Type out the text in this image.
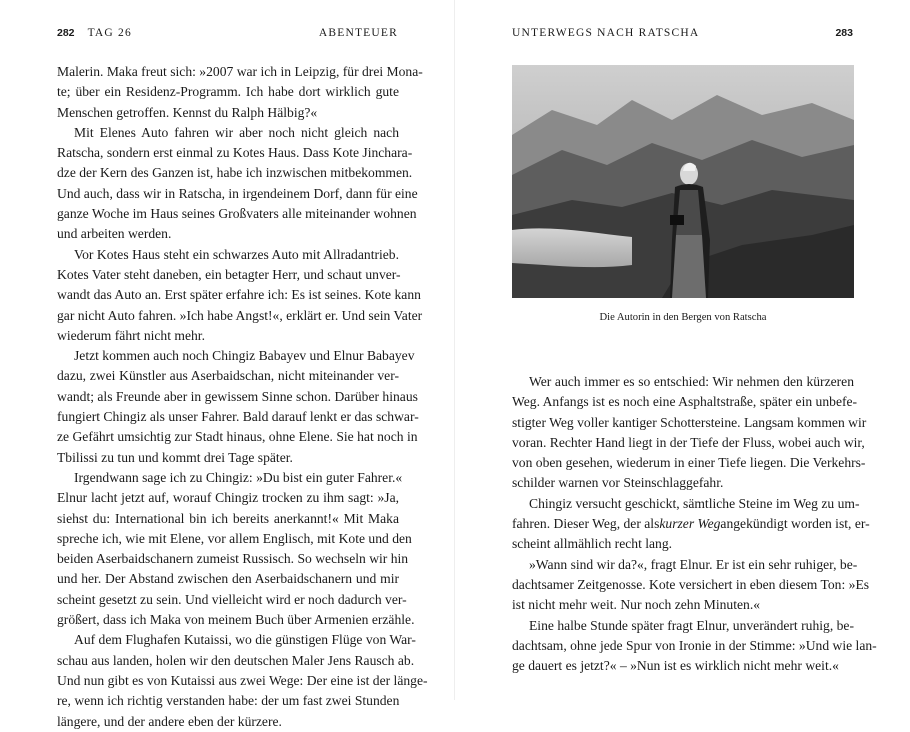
282 TAG 26	ABENTEUER
Malerin. Maka freut sich: »2007 war ich in Leipzig, für drei Mona-
te; über ein Residenz-Programm. Ich habe dort wirklich gute
Menschen getroffen. Kennst du Ralph Hälbig?«
Mit Elenes Auto fahren wir aber noch nicht gleich nach
Ratscha, sondern erst einmal zu Kotes Haus. Dass Kote Jinchara-
dze der Kern des Ganzen ist, habe ich inzwischen mitbekommen.
Und auch, dass wir in Ratscha, in irgendeinem Dorf, dann für eine
ganze Woche im Haus seines Großvaters alle miteinander wohnen
und arbeiten werden.
Vor Kotes Haus steht ein schwarzes Auto mit Allradantrieb.
Kotes Vater steht daneben, ein betagter Herr, und schaut unver-
wandt das Auto an. Erst später erfahre ich: Es ist seines. Kote kann
gar nicht Auto fahren. »Ich habe Angst!«, erklärt er. Und sein Vater
wiederum fährt nicht mehr.
Jetzt kommen auch noch Chingiz Babayev und Elnur Babayev
dazu, zwei Künstler aus Aserbaidschan, nicht miteinander ver-
wandt; als Freunde aber in gewissem Sinne schon. Darüber hinaus
fungiert Chingiz als unser Fahrer. Bald darauf lenkt er das schwar-
ze Gefährt umsichtig zur Stadt hinaus, ohne Elene. Sie hat noch in
Tbilissi zu tun und kommt drei Tage später.
Irgendwann sage ich zu Chingiz: »Du bist ein guter Fahrer.«
Elnur lacht jetzt auf, worauf Chingiz trocken zu ihm sagt: »Ja,
siehst du: International bin ich bereits anerkannt!« Mit Maka
spreche ich, wie mit Elene, vor allem Englisch, mit Kote und den
beiden Aserbaidschanern zumeist Russisch. So wechseln wir hin
und her. Der Abstand zwischen den Aserbaidschanern und mir
scheint gesetzt zu sein. Und vielleicht wird er noch dadurch ver-
größert, dass ich Maka von meinem Buch über Armenien erzähle.
Auf dem Flughafen Kutaissi, wo die günstigen Flüge von War-
schau aus landen, holen wir den deutschen Maler Jens Rausch ab.
Und nun gibt es von Kutaissi aus zwei Wege: Der eine ist der länge-
re, wenn ich richtig verstanden habe: der um fast zwei Stunden
längere, und der andere eben der kürzere.
UNTERWEGS NACH RATSCHA	283
Die Autorin in den Bergen von Ratscha
Wer auch immer es so entschied: Wir nehmen den kürzeren
Weg. Anfangs ist es noch eine Asphaltstraße, später ein unbefe-
stigter Weg voller kantiger Schottersteine. Langsam kommen wir
voran. Rechter Hand liegt in der Tiefe der Fluss, wobei auch wir,
von oben gesehen, wiederum in einer Tiefe liegen. Die Verkehrs-
schilder warnen vor Steinschlaggefahr.
Chingiz versucht geschickt, sämtliche Steine im Weg zu um-
fahren. Dieser Weg, der als kurzer Weg angekündigt worden ist, er-
scheint allmählich recht lang.
»Wann sind wir da?«, fragt Elnur. Er ist ein sehr ruhiger, be-
dachtsamer Zeitgenosse. Kote versichert in eben diesem Ton: »Es
ist nicht mehr weit. Nur noch zehn Minuten.«
Eine halbe Stunde später fragt Elnur, unverändert ruhig, be-
dachtsam, ohne jede Spur von Ironie in der Stimme: »Und wie lan-
ge dauert es jetzt?« – »Nun ist es wirklich nicht mehr weit.«
